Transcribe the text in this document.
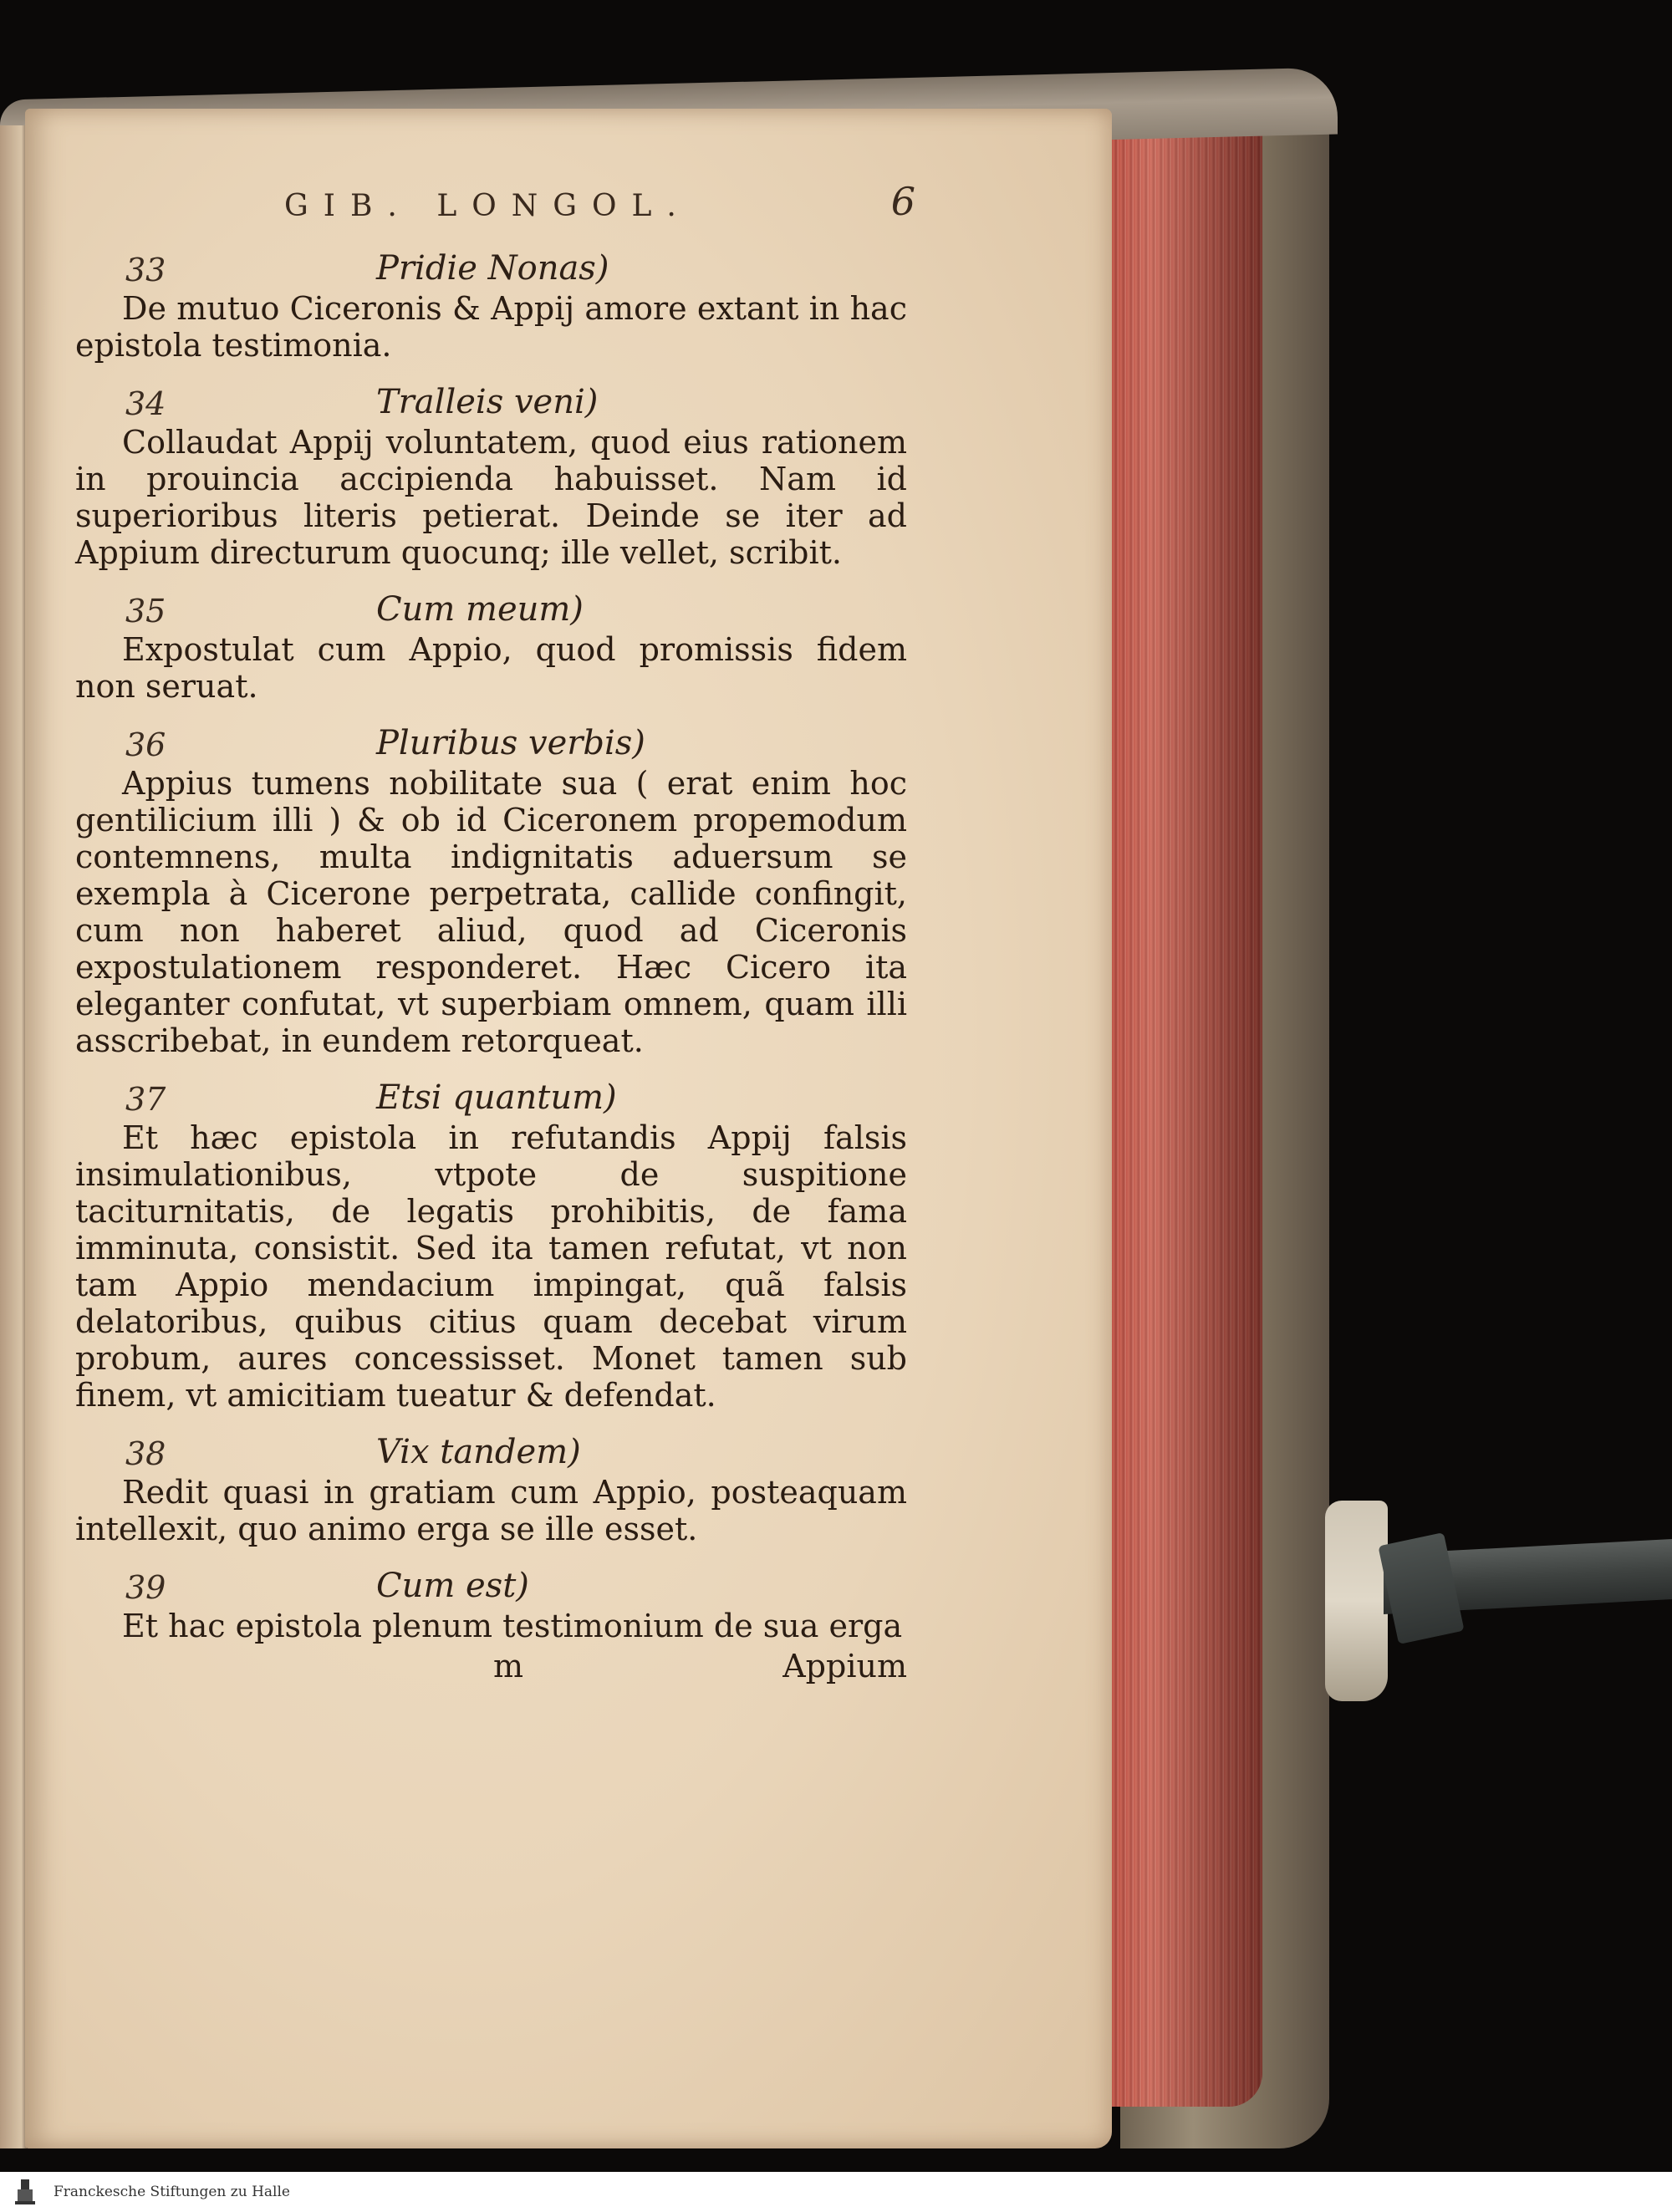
GIB. LONGOL.	6
33	Pridie Nonas)

De mutuo Ciceronis & Appij amore extant in hac epistola testimonia.

34	Tralleis veni)

Collaudat Appij voluntatem, quod eius rationem in prouincia accipienda habuisset. Nam id superioribus literis petierat. Deinde se iter ad Appium directurum quocunq; ille vellet, scribit.

35	Cum meum)

Expostulat cum Appio, quod promissis fidem non seruat.

36	Pluribus verbis)

Appius tumens nobilitate sua ( erat enim hoc gentilicium illi ) & ob id Ciceronem propemodum contemnens, multa indignitatis aduersum se exempla à Cicerone perpetrata, callide confingit, cum non haberet aliud, quod ad Ciceronis expostulationem responderet. Hæc Cicero ita eleganter confutat, vt superbiam omnem, quam illi asscribebat, in eundem retorqueat.

37	Etsi quantum)

Et hæc epistola in refutandis Appij falsis insimulationibus, vtpote de suspitione taciturnitatis, de legatis prohibitis, de fama imminuta, consistit. Sed ita tamen refutat, vt non tam Appio mendacium impingat, quã falsis delatoribus, quibus citius quam decebat virum probum, aures concessisset. Monet tamen sub finem, vt amicitiam tueatur & defendat.

38	Vix tandem)

Redit quasi in gratiam cum Appio, posteaquam intellexit, quo animo erga se ille esset.

39	Cum est)

Et hac epistola plenum testimonium de sua erga

m	Appium
Franckesche Stiftungen zu Halle
